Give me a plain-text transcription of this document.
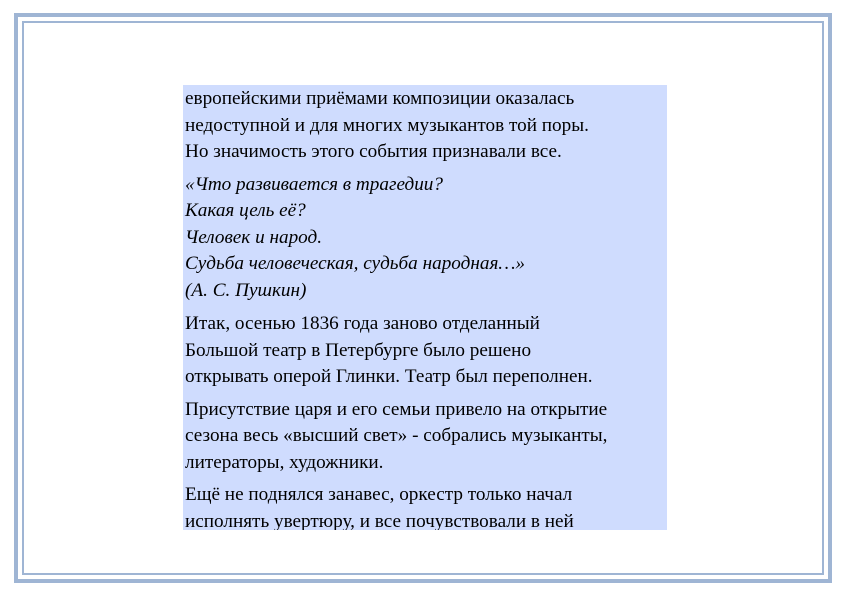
европейскими приёмами композиции оказалась
недоступной и для многих музыкантов той поры.
Но значимость этого события признавали все.

«Что развивается в трагедии?
Какая цель её?
Человек и народ.
Судьба человеческая, судьба народная…»
(А. С. Пушкин)

Итак, осенью 1836 года заново отделанный
Большой театр в Петербурге было решено
открывать оперой Глинки. Театр был переполнен.

Присутствие царя и его семьи привело на открытие
сезона весь «высший свет» - собрались музыканты,
литераторы, художники.

Ещё не поднялся занавес, оркестр только начал
исполнять увертюру, и все почувствовали в ней
